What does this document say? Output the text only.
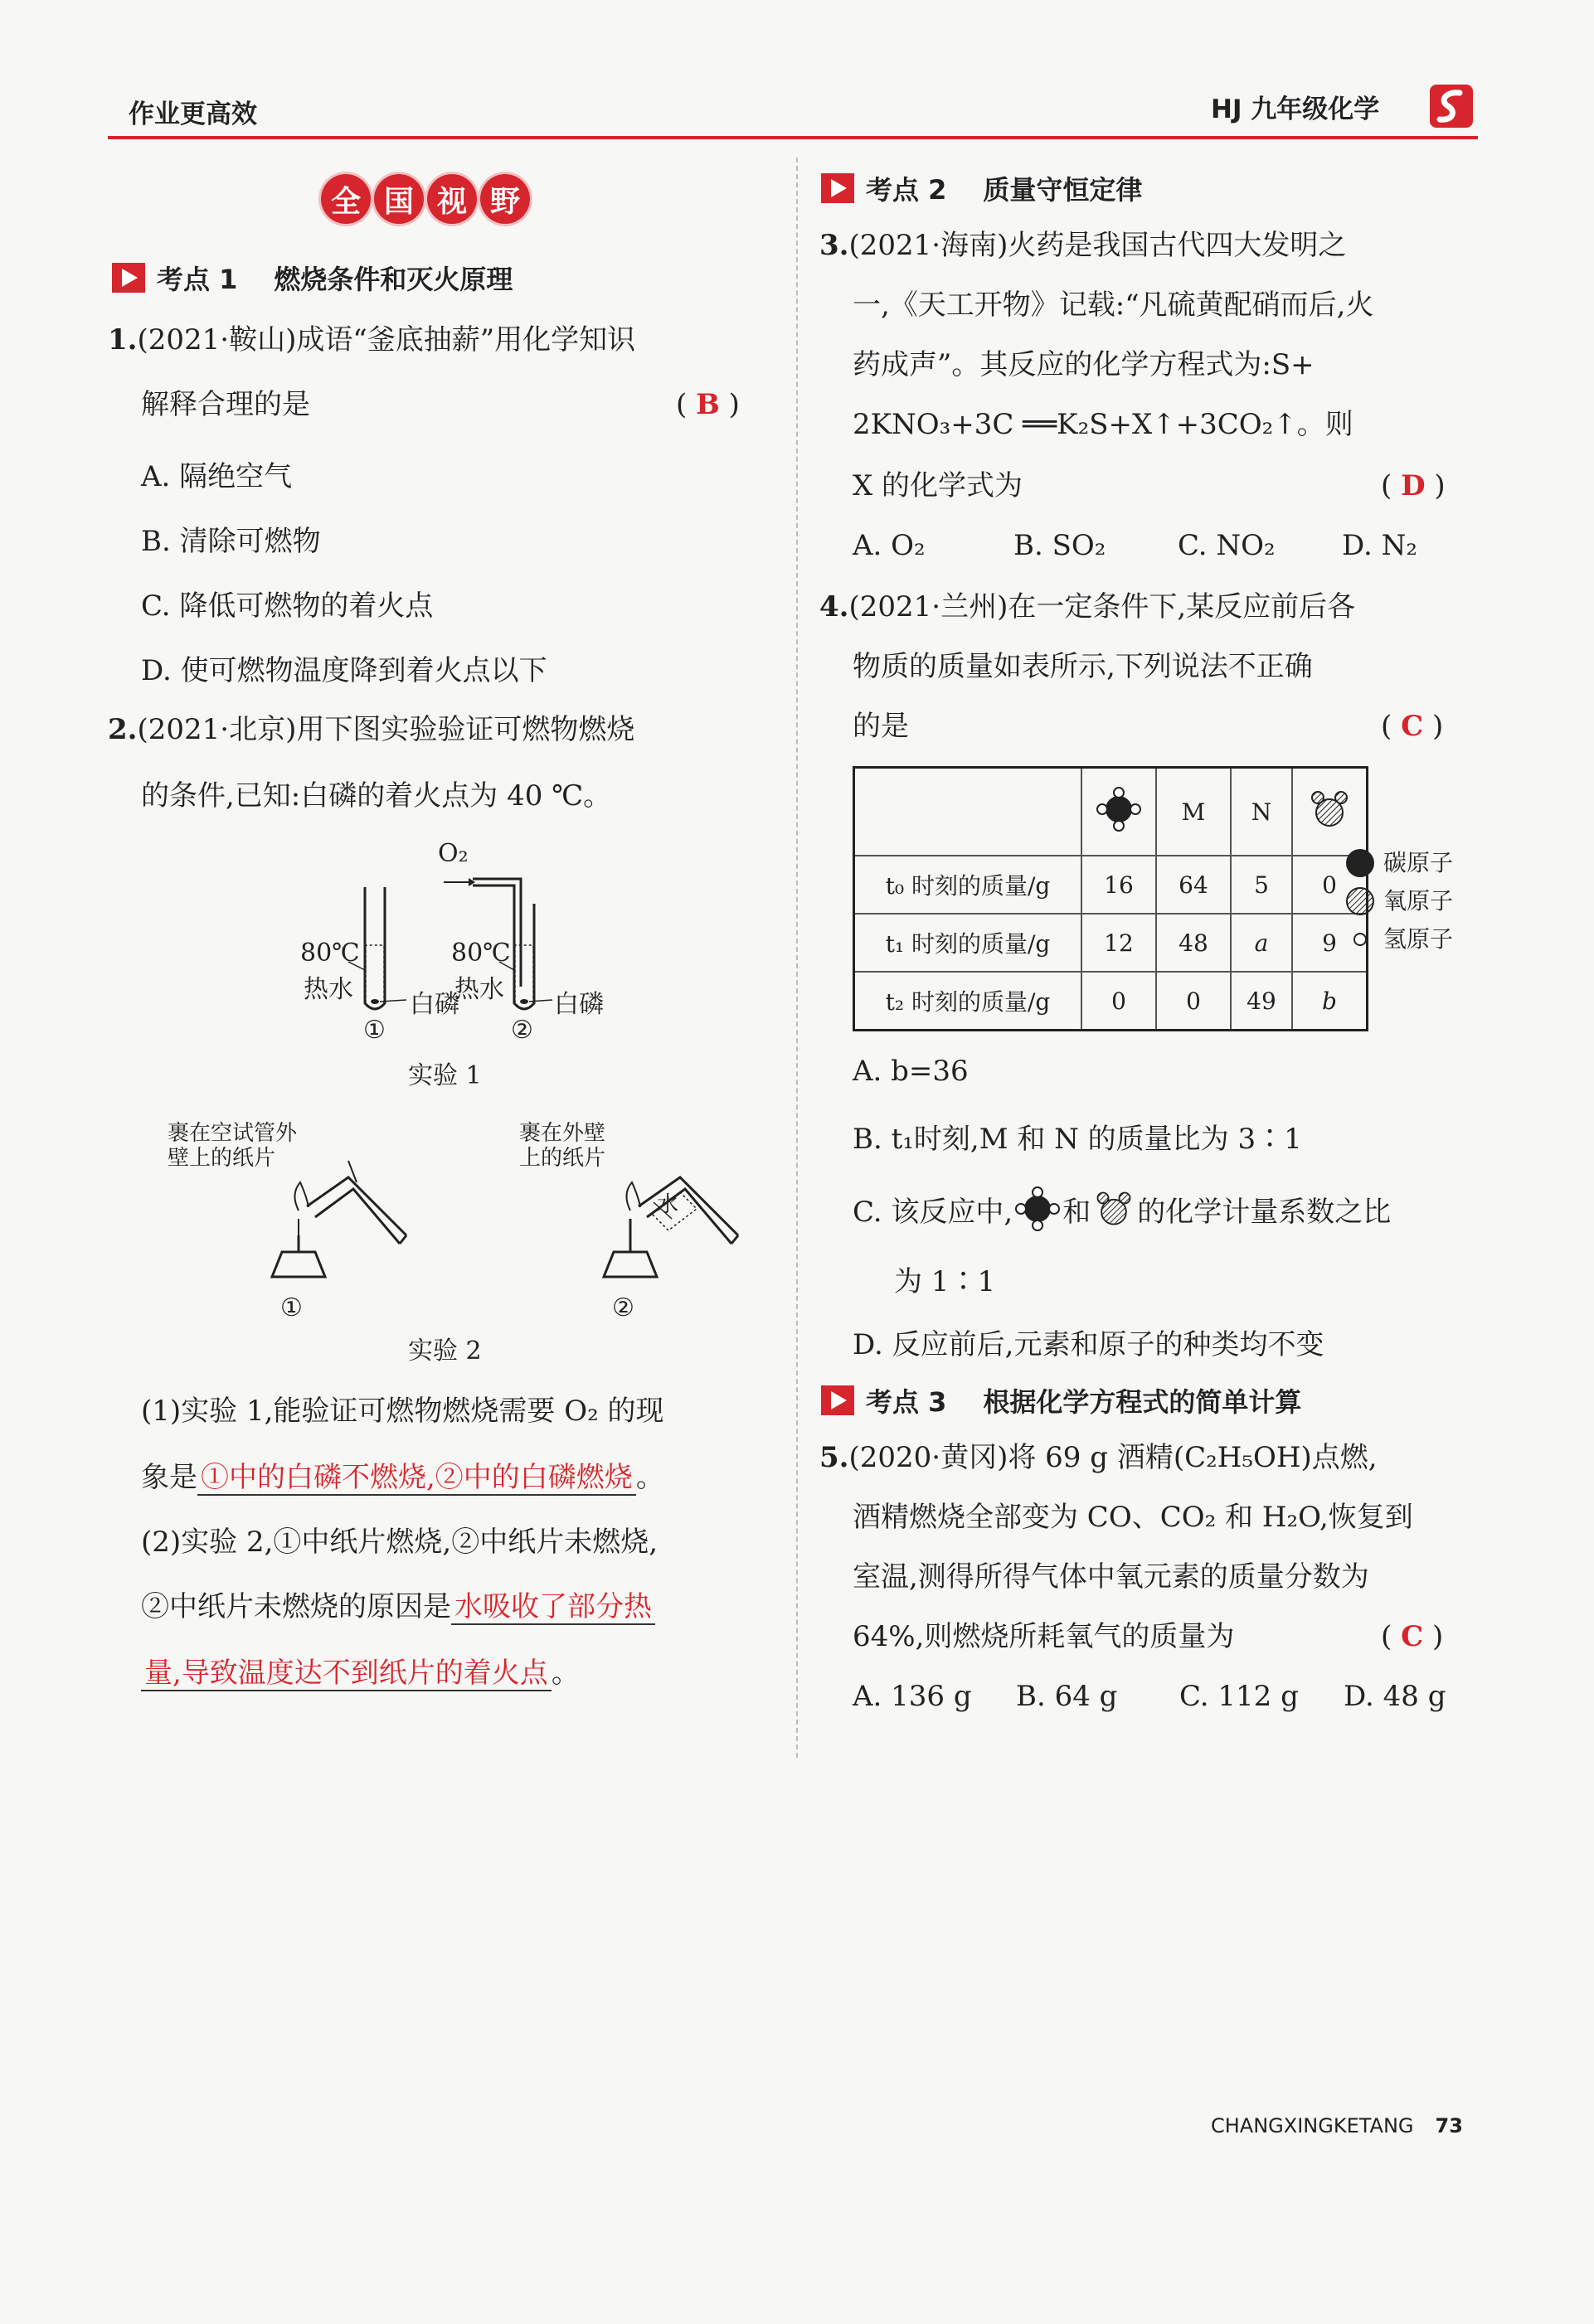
作业更高效	HJ 九年级化学
全 国 视 野
考点 1 燃烧条件和灭火原理
1.(2021·鞍山)成语“釜底抽薪”用化学知识
解释合理的是	( B )
A. 隔绝空气
B. 清除可燃物
C. 降低可燃物的着火点
D. 使可燃物温度降到着火点以下
2.(2021·北京)用下图实验验证可燃物燃烧
的条件,已知:白磷的着火点为 40 ℃。
O₂
80℃
热水
白磷
80℃
热水
白磷
①	②
实验 1
裹在空试管外
壁上的纸片
裹在外壁
上的纸片
水
①	②
实验 2
(1)实验 1,能验证可燃物燃烧需要 O₂ 的现
象是 ①中的白磷不燃烧,②中的白磷燃烧 。
(2)实验 2,①中纸片燃烧,②中纸片未燃烧,
②中纸片未燃烧的原因是 水吸收了部分热
量,导致温度达不到纸片的着火点 。
考点 2 质量守恒定律
3.(2021·海南)火药是我国古代四大发明之
一,《天工开物》记载:“凡硫黄配硝而后,火
药成声”。其反应的化学方程式为:S+
2KNO₃+3C ══K₂S+X↑+3CO₂↑。则
X 的化学式为	( D )
A. O₂	B. SO₂	C. NO₂ D. N₂
4.(2021·兰州)在一定条件下,某反应前后各
物质的质量如表所示,下列说法不正确
的是	( C )
		M	N	
t₀ 时刻的质量/g	16	64	5	0
t₁ 时刻的质量/g	12	48	a	9
t₂ 时刻的质量/g	0	0	49	b
碳原子
氧原子
氢原子
A. b=36
B. t₁时刻,M 和 N 的质量比为 3∶1
C. 该反应中, 和 的化学计量系数之比
为 1∶1
D. 反应前后,元素和原子的种类均不变
考点 3 根据化学方程式的简单计算
5.(2020·黄冈)将 69 g 酒精(C₂H₅OH)点燃,
酒精燃烧全部变为 CO、CO₂ 和 H₂O,恢复到
室温,测得所得气体中氧元素的质量分数为
64%,则燃烧所耗氧气的质量为	( C )
A. 136 g B. 64 g C. 112 g D. 48 g
CHANGXINGKETANG 73
